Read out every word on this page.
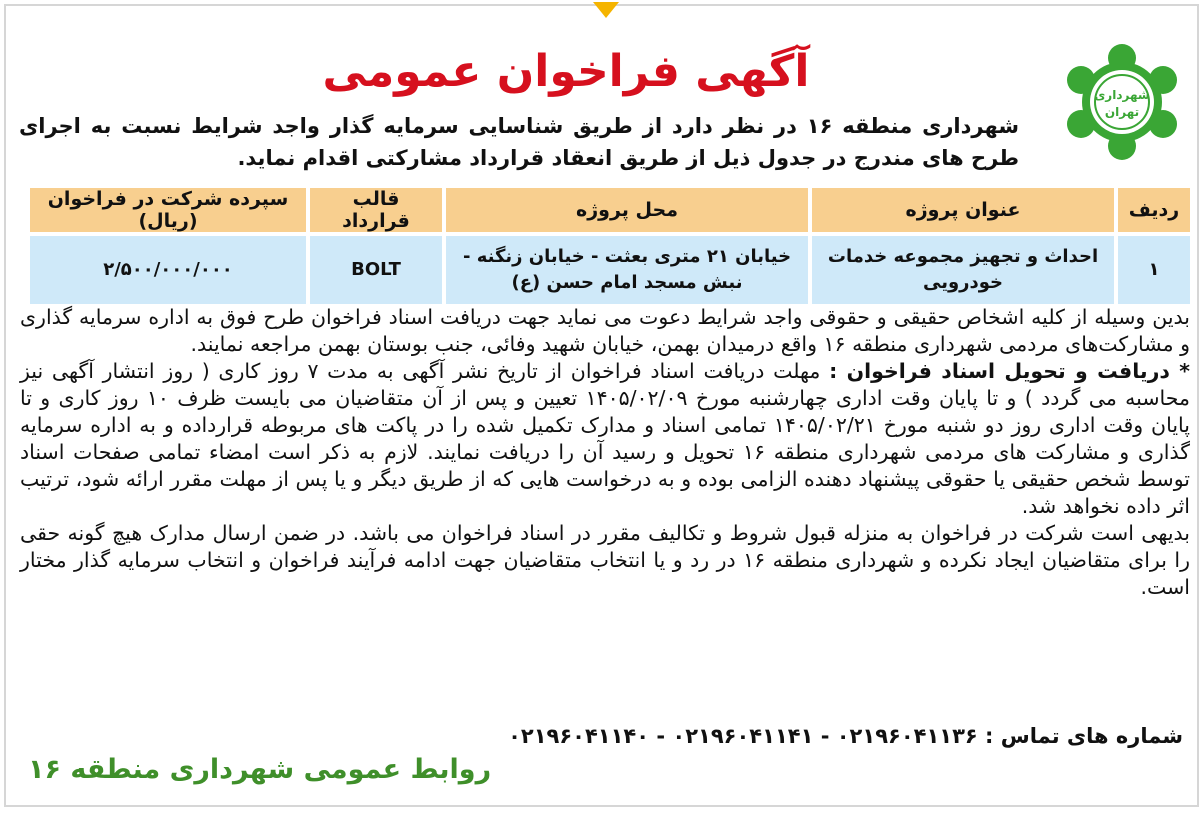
شهرداری
تهران
آگهی فراخوان عمومی
شهرداری منطقه ۱۶ در نظر دارد از طریق شناسایی سرمایه گذار واجد شرایط نسبت به اجرای طرح های مندرج در جدول ذیل از طریق انعقاد قرارداد مشارکتی اقدام نماید.
ردیف	عنوان پروژه	محل پروژه	قالب قرارداد	سپرده شرکت در فراخوان (ریال)
۱	احداث و تجهیز مجموعه خدمات خودرویی	خیابان ۲۱ متری بعثت - خیابان زنگنه - نبش مسجد امام حسن (ع)	BOLT	۲/۵۰۰/۰۰۰/۰۰۰

بدین وسیله از کلیه اشخاص حقیقی و حقوقی واجد شرایط دعوت می نماید جهت دریافت اسناد فراخوان طرح فوق به اداره سرمایه گذاری و مشارکت‌های مردمی شهرداری منطقه ۱۶ واقع درمیدان بهمن، خیابان شهید وفائی، جنب بوستان بهمن مراجعه نمایند.

* دریافت و تحویل اسناد فراخوان : مهلت دریافت اسناد فراخوان از تاریخ نشر آگهی به مدت ۷ روز کاری ( روز انتشار آگهی نیز محاسبه می گردد ) و تا پایان وقت اداری چهارشنبه مورخ ۱۴۰۵/۰۲/۰۹ تعیین و پس از آن متقاضیان می بایست ظرف ۱۰ روز کاری و تا پایان وقت اداری روز دو شنبه مورخ ۱۴۰۵/۰۲/۲۱ تمامی اسناد و مدارک تکمیل شده را در پاکت های مربوطه قرارداده و به اداره سرمایه گذاری و مشارکت های مردمی شهرداری منطقه ۱۶ تحویل و رسید آن را دریافت نمایند. لازم به ذکر است امضاء تمامی صفحات اسناد توسط شخص حقیقی یا حقوقی پیشنهاد دهنده الزامی بوده و به درخواست هایی که از طریق دیگر و یا پس از مهلت مقرر ارائه شود، ترتیب اثر داده نخواهد شد.

بدیهی است شرکت در فراخوان به منزله قبول شروط و تکالیف مقرر در اسناد فراخوان می باشد. در ضمن ارسال مدارک هیچ گونه حقی را برای متقاضیان ایجاد نکرده و شهرداری منطقه ۱۶ در رد و یا انتخاب متقاضیان جهت ادامه فرآیند فراخوان و انتخاب سرمایه گذار مختار است.

شماره های تماس : ۰۲۱۹۶۰۴۱۱۴۰ - ۰۲۱۹۶۰۴۱۱۴۱ - ۰۲۱۹۶۰۴۱۱۳۶
روابط عمومی شهرداری منطقه ۱۶
